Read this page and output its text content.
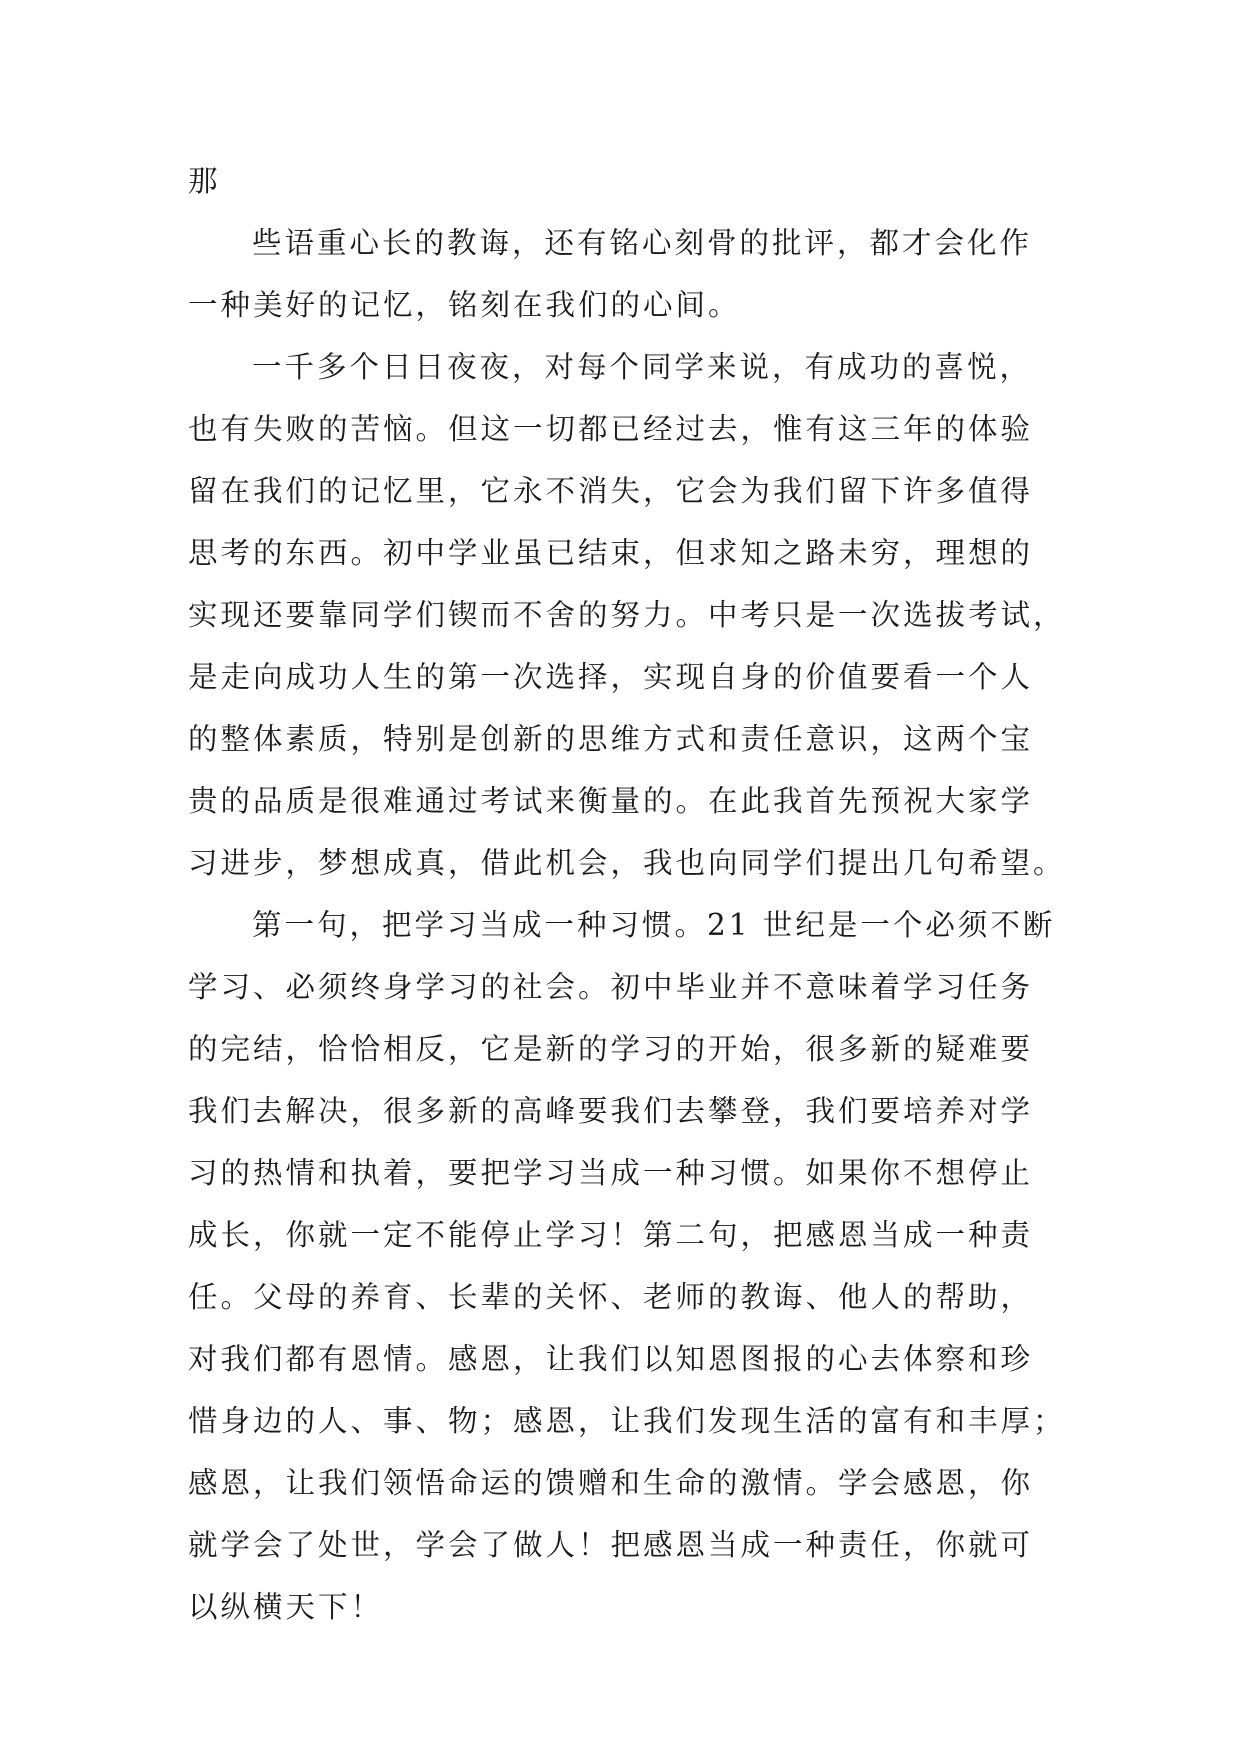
那
些语重心长的教诲，还有铭心刻骨的批评，都才会化作
一种美好的记忆，铭刻在我们的心间。
一千多个日日夜夜，对每个同学来说，有成功的喜悦，
也有失败的苦恼。但这一切都已经过去，惟有这三年的体验
留在我们的记忆里，它永不消失，它会为我们留下许多值得
思考的东西。初中学业虽已结束，但求知之路未穷，理想的
实现还要靠同学们锲而不舍的努力。中考只是一次选拔考试，
是走向成功人生的第一次选择，实现自身的价值要看一个人
的整体素质，特别是创新的思维方式和责任意识，这两个宝
贵的品质是很难通过考试来衡量的。在此我首先预祝大家学
习进步，梦想成真，借此机会，我也向同学们提出几句希望。
第一句，把学习当成一种习惯。21 世纪是一个必须不断
学习、必须终身学习的社会。初中毕业并不意味着学习任务
的完结，恰恰相反，它是新的学习的开始，很多新的疑难要
我们去解决，很多新的高峰要我们去攀登，我们要培养对学
习的热情和执着，要把学习当成一种习惯。如果你不想停止
成长，你就一定不能停止学习！第二句，把感恩当成一种责
任。父母的养育、长辈的关怀、老师的教诲、他人的帮助，
对我们都有恩情。感恩，让我们以知恩图报的心去体察和珍
惜身边的人、事、物；感恩，让我们发现生活的富有和丰厚；
感恩，让我们领悟命运的馈赠和生命的激情。学会感恩，你
就学会了处世，学会了做人！把感恩当成一种责任，你就可
以纵横天下！
